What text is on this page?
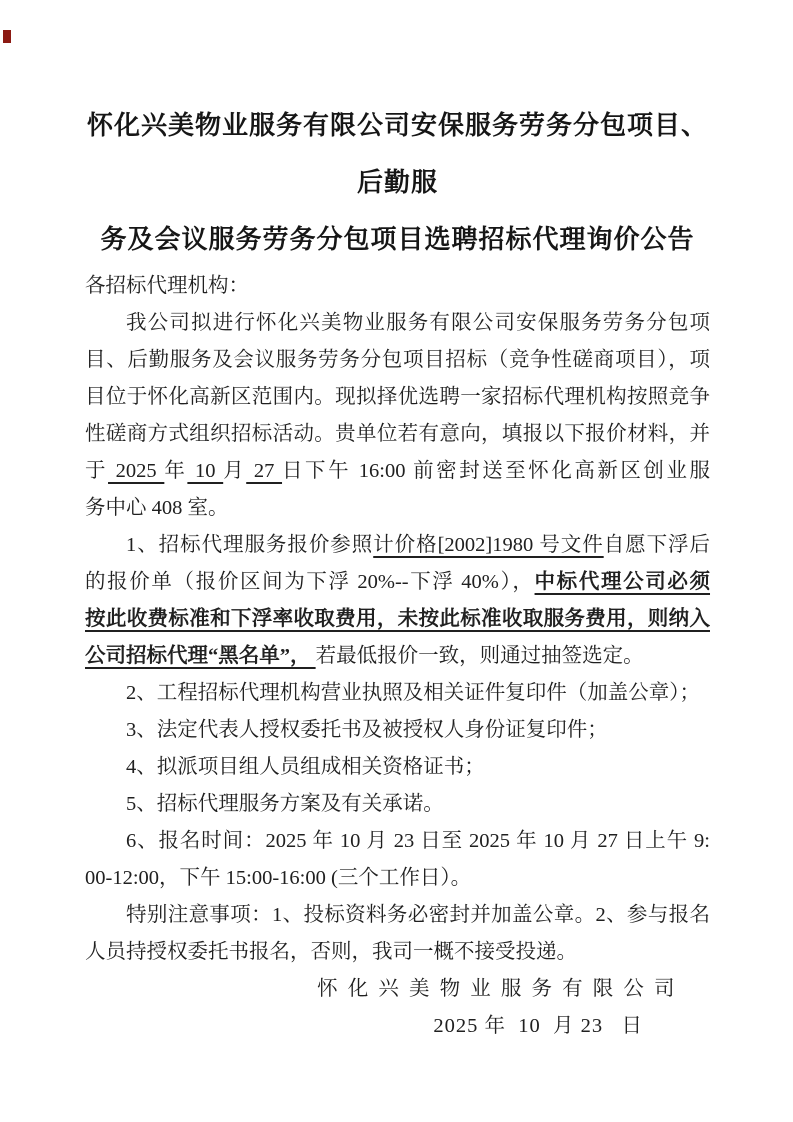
怀化兴美物业服务有限公司安保服务劳务分包项目、后勤服
务及会议服务劳务分包项目选聘招标代理询价公告
各招标代理机构：
我公司拟进行怀化兴美物业服务有限公司安保服务劳务分包项
目、后勤服务及会议服务劳务分包项目招标（竞争性磋商项目），项
目位于怀化高新区范围内。现拟择优选聘一家招标代理机构按照竞争
性磋商方式组织招标活动。贵单位若有意向，填报以下报价材料，并
于 2025 年 10 月 27 日下午 16:00 前密封送至怀化高新区创业服
务中心 408 室。
1、招标代理服务报价参照计价格[2002]1980 号文件自愿下浮后
的报价单（报价区间为下浮 20%--下浮 40%），中标代理公司必须
按此收费标准和下浮率收取费用，未按此标准收取服务费用，则纳入
公司招标代理“黑名单”， 若最低报价一致，则通过抽签选定。
2、工程招标代理机构营业执照及相关证件复印件（加盖公章）；
3、法定代表人授权委托书及被授权人身份证复印件；
4、拟派项目组人员组成相关资格证书；
5、招标代理服务方案及有关承诺。
6、报名时间：2025 年 10 月 23 日至 2025 年 10 月 27 日上午 9:
00-12:00，下午 15:00-16:00 (三个工作日）。
特别注意事项：1、投标资料务必密封并加盖公章。2、参与报名
人员持授权委托书报名，否则，我司一概不接受投递。
怀 化 兴 美 物 业 服 务 有 限 公 司
2025 年  10  月 23   日
